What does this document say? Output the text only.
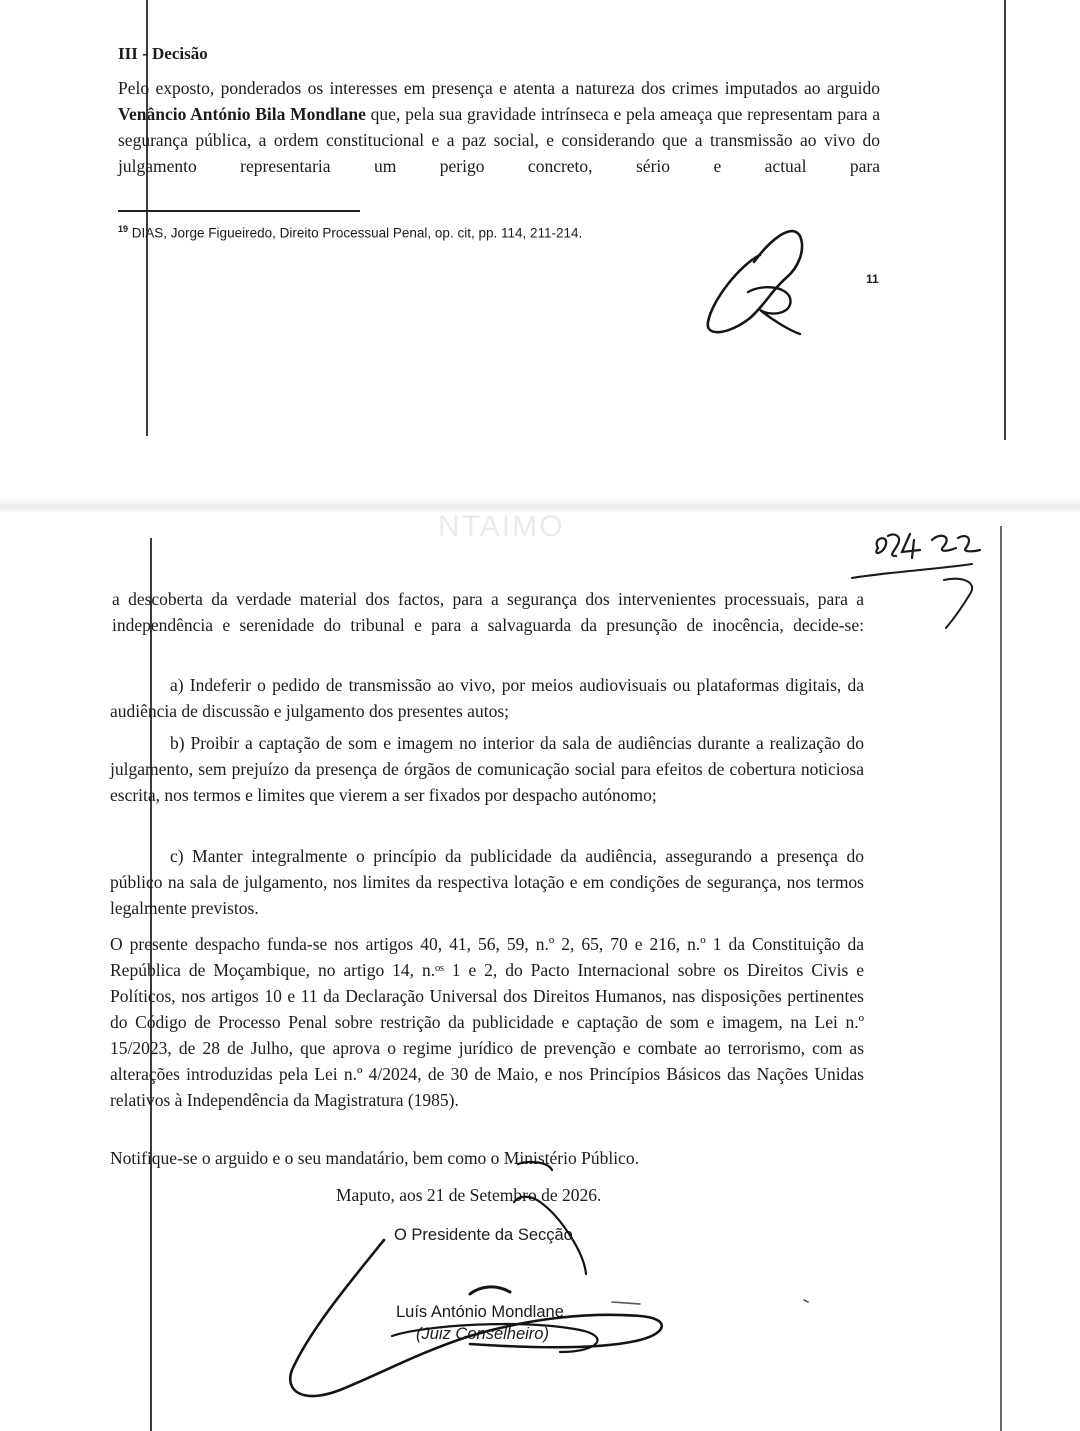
III - Decisão

Pelo exposto, ponderados os interesses em presença e atenta a natureza dos crimes imputados ao arguido Venâncio António Bila Mondlane que, pela sua gravidade intrínseca e pela ameaça que representam para a segurança pública, a ordem constitucional e a paz social, e considerando que a transmissão ao vivo do julgamento representaria um perigo concreto, sério e actual para

$^{19}$ DIAS, Jorge Figueiredo, Direito Processual Penal, op. cit, pp. 114, 211-214.
11
NTAIMO

a descoberta da verdade material dos factos, para a segurança dos intervenientes processuais, para a independência e serenidade do tribunal e para a salvaguarda da presunção de inocência, decide-se:

a) Indeferir o pedido de transmissão ao vivo, por meios audiovisuais ou plataformas digitais, da audiência de discussão e julgamento dos presentes autos;

b) Proibir a captação de som e imagem no interior da sala de audiências durante a realização do julgamento, sem prejuízo da presença de órgãos de comunicação social para efeitos de cobertura noticiosa escrita, nos termos e limites que vierem a ser fixados por despacho autónomo;

c) Manter integralmente o princípio da publicidade da audiência, assegurando a presença do público na sala de julgamento, nos limites da respectiva lotação e em condições de segurança, nos termos legalmente previstos.

O presente despacho funda-se nos artigos 40, 41, 56, 59, n.º 2, 65, 70 e 216, n.º 1 da Constituição da República de Moçambique, no artigo 14, n.ᵒˢ 1 e 2, do Pacto Internacional sobre os Direitos Civis e Políticos, nos artigos 10 e 11 da Declaração Universal dos Direitos Humanos, nas disposições pertinentes do Código de Processo Penal sobre restrição da publicidade e captação de som e imagem, na Lei n.º 15/2023, de 28 de Julho, que aprova o regime jurídico de prevenção e combate ao terrorismo, com as alterações introduzidas pela Lei n.º 4/2024, de 30 de Maio, e nos Princípios Básicos das Nações Unidas relativos à Independência da Magistratura (1985).

Notifique-se o arguido e o seu mandatário, bem como o Ministério Público.

Maputo, aos 21 de Setembro de 2026.

O Presidente da Secção
Luís António Mondlane
(Juiz Conselheiro)
